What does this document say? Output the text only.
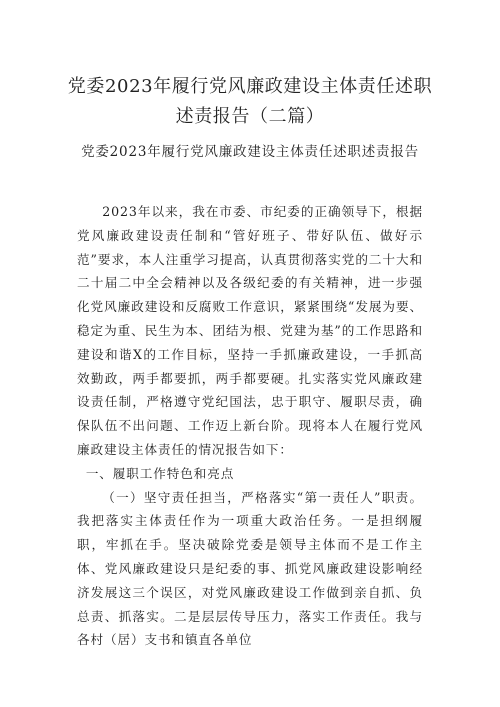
党委2023年履行党风廉政建设主体责任述职述责报告（二篇）
党委2023年履行党风廉政建设主体责任述职述责报告

2023年以来，我在市委、市纪委的正确领导下，根据党风廉政建设责任制和“管好班子、带好队伍、做好示范”要求，本人注重学习提高，认真贯彻落实党的二十大和二十届二中全会精神以及各级纪委的有关精神，进一步强化党风廉政建设和反腐败工作意识，紧紧围绕“发展为要、稳定为重、民生为本、团结为根、党建为基”的工作思路和建设和谐X的工作目标，坚持一手抓廉政建设，一手抓高效勤政，两手都要抓，两手都要硬。扎实落实党风廉政建设责任制，严格遵守党纪国法，忠于职守、履职尽责，确保队伍不出问题、工作迈上新台阶。现将本人在履行党风廉政建设主体责任的情况报告如下：

一、履职工作特色和亮点

（一）坚守责任担当，严格落实“第一责任人”职责。我把落实主体责任作为一项重大政治任务。一是担纲履职，牢抓在手。坚决破除党委是领导主体而不是工作主体、党风廉政建设只是纪委的事、抓党风廉政建设影响经济发展这三个误区，对党风廉政建设工作做到亲自抓、负总责、抓落实。二是层层传导压力，落实工作责任。我与各村（居）支书和镇直各单位
